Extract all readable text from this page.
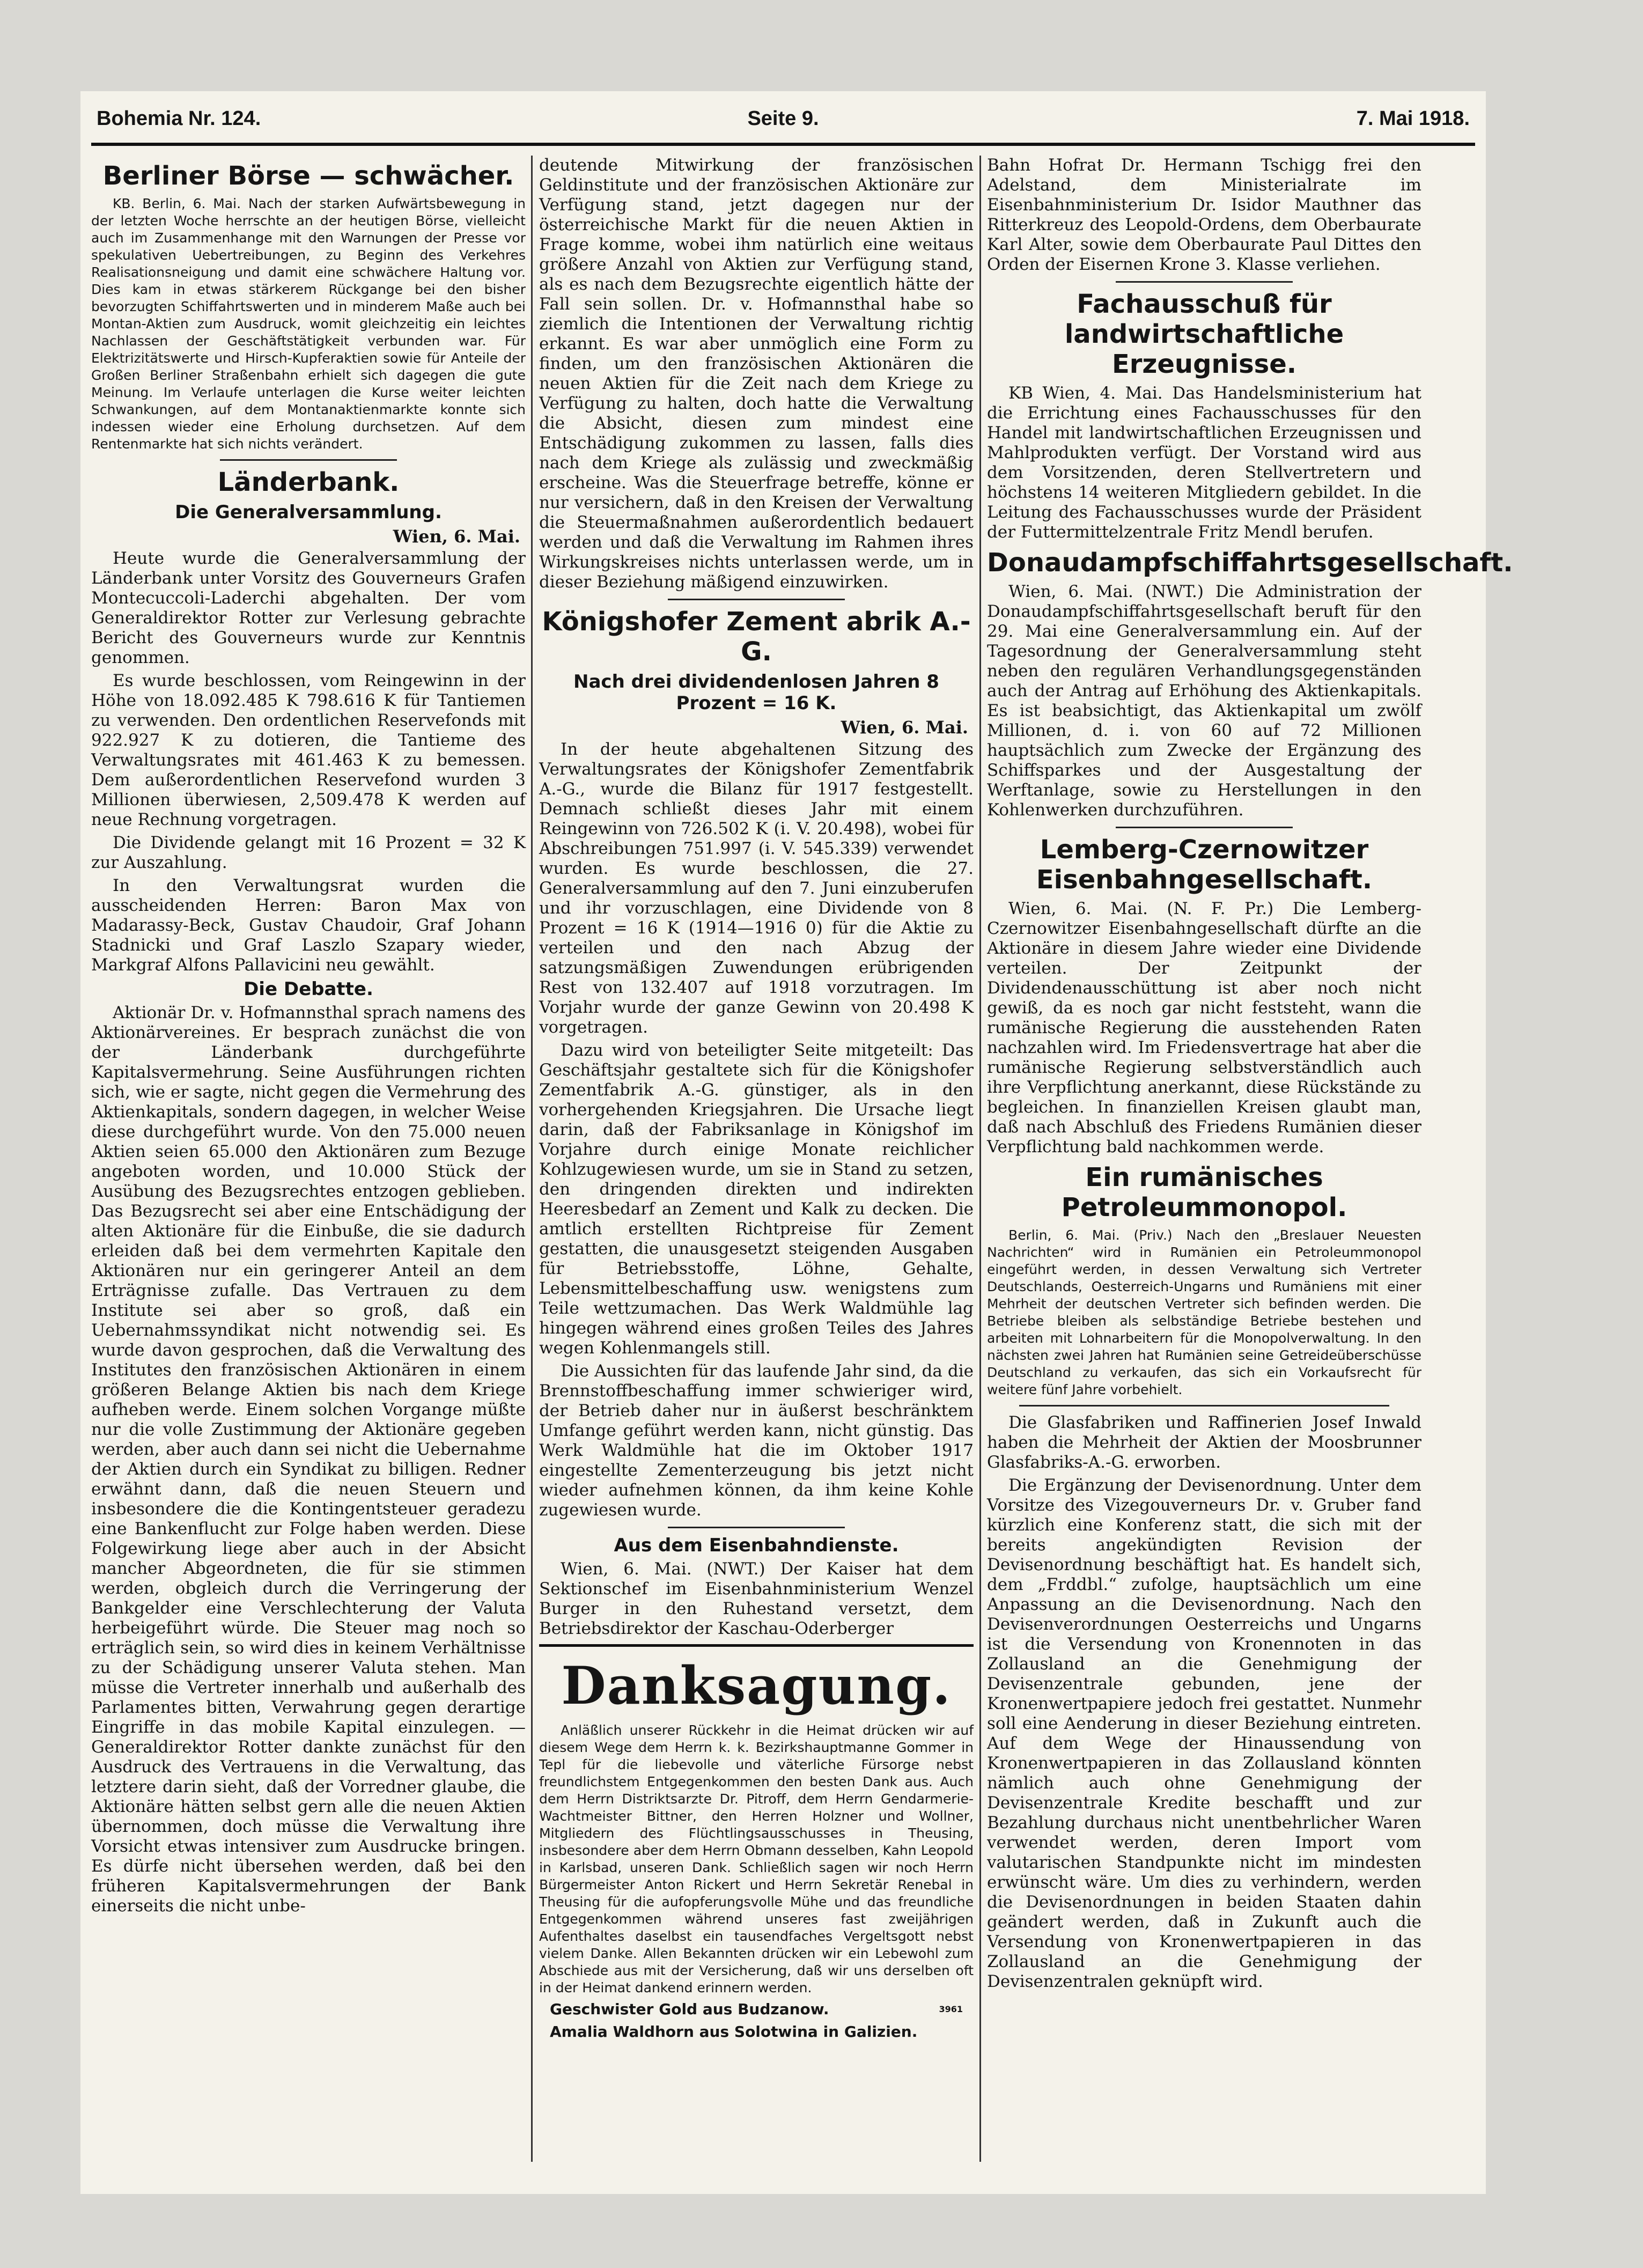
Bohemia Nr. 124.	Seite 9.	7. Mai 1918.
Berliner Börse — schwächer.

KB. Berlin, 6. Mai. Nach der starken Aufwärtsbewegung in der letzten Woche herrschte an der heutigen Börse, vielleicht auch im Zusammenhange mit den Warnungen der Presse vor spekulativen Uebertreibungen, zu Beginn des Verkehres Realisationsneigung und damit eine schwächere Haltung vor. Dies kam in etwas stärkerem Rückgange bei den bisher bevorzugten Schiffahrtswerten und in minderem Maße auch bei Montan-Aktien zum Ausdruck, womit gleichzeitig ein leichtes Nachlassen der Geschäftstätigkeit verbunden war. Für Elektrizitätswerte und Hirsch-Kupferaktien sowie für Anteile der Großen Berliner Straßenbahn erhielt sich dagegen die gute Meinung. Im Verlaufe unterlagen die Kurse weiter leichten Schwankungen, auf dem Montanaktienmarkte konnte sich indessen wieder eine Erholung durchsetzen. Auf dem Rentenmarkte hat sich nichts verändert.

Länderbank.
Die Generalversammlung.
Wien, 6. Mai.

Heute wurde die Generalversammlung der Länderbank unter Vorsitz des Gouverneurs Grafen Montecuccoli-Laderchi abgehalten. Der vom Generaldirektor Rotter zur Verlesung gebrachte Bericht des Gouverneurs wurde zur Kenntnis genommen.

Es wurde beschlossen, vom Reingewinn in der Höhe von 18.092.485 K 798.616 K für Tantiemen zu verwenden. Den ordentlichen Reservefonds mit 922.927 K zu dotieren, die Tantieme des Verwaltungsrates mit 461.463 K zu bemessen. Dem außerordentlichen Reservefond wurden 3 Millionen überwiesen, 2,509.478 K werden auf neue Rechnung vorgetragen.

Die Dividende gelangt mit 16 Prozent = 32 K zur Auszahlung.

In den Verwaltungsrat wurden die ausscheidenden Herren: Baron Max von Madarassy-Beck, Gustav Chaudoir, Graf Johann Stadnicki und Graf Laszlo Szapary wieder, Markgraf Alfons Pallavicini neu gewählt.

Die Debatte.

Aktionär Dr. v. Hofmannsthal sprach namens des Aktionärvereines. Er besprach zunächst die von der Länderbank durchgeführte Kapitalsvermehrung. Seine Ausführungen richten sich, wie er sagte, nicht gegen die Vermehrung des Aktienkapitals, sondern dagegen, in welcher Weise diese durchgeführt wurde. Von den 75.000 neuen Aktien seien 65.000 den Aktionären zum Bezuge angeboten worden, und 10.000 Stück der Ausübung des Bezugsrechtes entzogen geblieben. Das Bezugsrecht sei aber eine Entschädigung der alten Aktionäre für die Einbuße, die sie dadurch erleiden daß bei dem vermehrten Kapitale den Aktionären nur ein geringerer Anteil an dem Erträgnisse zufalle. Das Vertrauen zu dem Institute sei aber so groß, daß ein Uebernahmssyndikat nicht notwendig sei. Es wurde davon gesprochen, daß die Verwaltung des Institutes den französischen Aktionären in einem größeren Belange Aktien bis nach dem Kriege aufheben werde. Einem solchen Vorgange müßte nur die volle Zustimmung der Aktionäre gegeben werden, aber auch dann sei nicht die Uebernahme der Aktien durch ein Syndikat zu billigen. Redner erwähnt dann, daß die neuen Steuern und insbesondere die die Kontingentsteuer geradezu eine Bankenflucht zur Folge haben werden. Diese Folgewirkung liege aber auch in der Absicht mancher Abgeordneten, die für sie stimmen werden, obgleich durch die Verringerung der Bankgelder eine Verschlechterung der Valuta herbeigeführt würde. Die Steuer mag noch so erträglich sein, so wird dies in keinem Verhältnisse zu der Schädigung unserer Valuta stehen. Man müsse die Vertreter innerhalb und außerhalb des Parlamentes bitten, Verwahrung gegen derartige Eingriffe in das mobile Kapital einzulegen. — Generaldirektor Rotter dankte zunächst für den Ausdruck des Vertrauens in die Verwaltung, das letztere darin sieht, daß der Vorredner glaube, die Aktionäre hätten selbst gern alle die neuen Aktien übernommen, doch müsse die Verwaltung ihre Vorsicht etwas intensiver zum Ausdrucke bringen. Es dürfe nicht übersehen werden, daß bei den früheren Kapitalsvermehrungen der Bank einerseits die nicht unbe-

deutende Mitwirkung der französischen Geldinstitute und der französischen Aktionäre zur Verfügung stand, jetzt dagegen nur der österreichische Markt für die neuen Aktien in Frage komme, wobei ihm natürlich eine weitaus größere Anzahl von Aktien zur Verfügung stand, als es nach dem Bezugsrechte eigentlich hätte der Fall sein sollen. Dr. v. Hofmannsthal habe so ziemlich die Intentionen der Verwaltung richtig erkannt. Es war aber unmöglich eine Form zu finden, um den französischen Aktionären die neuen Aktien für die Zeit nach dem Kriege zu Verfügung zu halten, doch hatte die Verwaltung die Absicht, diesen zum mindest eine Entschädigung zukommen zu lassen, falls dies nach dem Kriege als zulässig und zweckmäßig erscheine. Was die Steuerfrage betreffe, könne er nur versichern, daß in den Kreisen der Verwaltung die Steuermaßnahmen außerordentlich bedauert werden und daß die Verwaltung im Rahmen ihres Wirkungskreises nichts unterlassen werde, um in dieser Beziehung mäßigend einzuwirken.

Königshofer Zement abrik A.-G.
Nach drei dividendenlosen Jahren 8 Prozent = 16 K.
Wien, 6. Mai.

In der heute abgehaltenen Sitzung des Verwaltungsrates der Königshofer Zementfabrik A.-G., wurde die Bilanz für 1917 festgestellt. Demnach schließt dieses Jahr mit einem Reingewinn von 726.502 K (i. V. 20.498), wobei für Abschreibungen 751.997 (i. V. 545.339) verwendet wurden. Es wurde beschlossen, die 27. Generalversammlung auf den 7. Juni einzuberufen und ihr vorzuschlagen, eine Dividende von 8 Prozent = 16 K (1914—1916 0) für die Aktie zu verteilen und den nach Abzug der satzungsmäßigen Zuwendungen erübrigenden Rest von 132.407 auf 1918 vorzutragen. Im Vorjahr wurde der ganze Gewinn von 20.498 K vorgetragen.

Dazu wird von beteiligter Seite mitgeteilt: Das Geschäftsjahr gestaltete sich für die Königshofer Zementfabrik A.-G. günstiger, als in den vorhergehenden Kriegsjahren. Die Ursache liegt darin, daß der Fabriksanlage in Königshof im Vorjahre durch einige Monate reichlicher Kohlzugewiesen wurde, um sie in Stand zu setzen, den dringenden direkten und indirekten Heeresbedarf an Zement und Kalk zu decken. Die amtlich erstellten Richtpreise für Zement gestatten, die unausgesetzt steigenden Ausgaben für Betriebsstoffe, Löhne, Gehalte, Lebensmittelbeschaffung usw. wenigstens zum Teile wettzumachen. Das Werk Waldmühle lag hingegen während eines großen Teiles des Jahres wegen Kohlenmangels still.

Die Aussichten für das laufende Jahr sind, da die Brennstoffbeschaffung immer schwieriger wird, der Betrieb daher nur in äußerst beschränktem Umfange geführt werden kann, nicht günstig. Das Werk Waldmühle hat die im Oktober 1917 eingestellte Zementerzeugung bis jetzt nicht wieder aufnehmen können, da ihm keine Kohle zugewiesen wurde.

Aus dem Eisenbahndienste.

Wien, 6. Mai. (NWT.) Der Kaiser hat dem Sektionschef im Eisenbahnministerium Wenzel Burger in den Ruhestand versetzt, dem Betriebsdirektor der Kaschau-Oderberger

Danksagung.

Anläßlich unserer Rückkehr in die Heimat drücken wir auf diesem Wege dem Herrn k. k. Bezirkshauptmanne Gommer in Tepl für die liebevolle und väterliche Fürsorge nebst freundlichstem Entgegenkommen den besten Dank aus. Auch dem Herrn Distriktsarzte Dr. Pitroff, dem Herrn Gendarmerie-Wachtmeister Bittner, den Herren Holzner und Wollner, Mitgliedern des Flüchtlingsausschusses in Theusing, insbesondere aber dem Herrn Obmann desselben, Kahn Leopold in Karlsbad, unseren Dank. Schließlich sagen wir noch Herrn Bürgermeister Anton Rickert und Herrn Sekretär Renebal in Theusing für die aufopferungsvolle Mühe und das freundliche Entgegenkommen während unseres fast zweijährigen Aufenthaltes daselbst ein tausendfaches Vergeltsgott nebst vielem Danke. Allen Bekannten drücken wir ein Lebewohl zum Abschiede aus mit der Versicherung, daß wir uns derselben oft in der Heimat dankend erinnern werden.

Geschwister Gold aus Budzanow.	3961
Amalia Waldhorn aus Solotwina in Galizien.

Bahn Hofrat Dr. Hermann Tschigg frei den Adelstand, dem Ministerialrate im Eisenbahnministerium Dr. Isidor Mauthner das Ritterkreuz des Leopold-Ordens, dem Oberbaurate Karl Alter, sowie dem Oberbaurate Paul Dittes den Orden der Eisernen Krone 3. Klasse verliehen.

Fachausschuß für landwirtschaftliche Erzeugnisse.

KB Wien, 4. Mai. Das Handelsministerium hat die Errichtung eines Fachausschusses für den Handel mit landwirtschaftlichen Erzeugnissen und Mahlprodukten verfügt. Der Vorstand wird aus dem Vorsitzenden, deren Stellvertretern und höchstens 14 weiteren Mitgliedern gebildet. In die Leitung des Fachausschusses wurde der Präsident der Futtermittelzentrale Fritz Mendl berufen.

Donaudampfschiffahrtsgesellschaft.

Wien, 6. Mai. (NWT.) Die Administration der Donaudampfschiffahrtsgesellschaft beruft für den 29. Mai eine Generalversammlung ein. Auf der Tagesordnung der Generalversammlung steht neben den regulären Verhandlungsgegenständen auch der Antrag auf Erhöhung des Aktienkapitals. Es ist beabsichtigt, das Aktienkapital um zwölf Millionen, d. i. von 60 auf 72 Millionen hauptsächlich zum Zwecke der Ergänzung des Schiffsparkes und der Ausgestaltung der Werftanlage, sowie zu Herstellungen in den Kohlenwerken durchzuführen.

Lemberg-Czernowitzer Eisenbahngesellschaft.

Wien, 6. Mai. (N. F. Pr.) Die Lemberg-Czernowitzer Eisenbahngesellschaft dürfte an die Aktionäre in diesem Jahre wieder eine Dividende verteilen. Der Zeitpunkt der Dividendenausschüttung ist aber noch nicht gewiß, da es noch gar nicht feststeht, wann die rumänische Regierung die ausstehenden Raten nachzahlen wird. Im Friedensvertrage hat aber die rumänische Regierung selbstverständlich auch ihre Verpflichtung anerkannt, diese Rückstände zu begleichen. In finanziellen Kreisen glaubt man, daß nach Abschluß des Friedens Rumänien dieser Verpflichtung bald nachkommen werde.

Ein rumänisches Petroleummonopol.

Berlin, 6. Mai. (Priv.) Nach den „Breslauer Neuesten Nachrichten“ wird in Rumänien ein Petroleummonopol eingeführt werden, in dessen Verwaltung sich Vertreter Deutschlands, Oesterreich-Ungarns und Rumäniens mit einer Mehrheit der deutschen Vertreter sich befinden werden. Die Betriebe bleiben als selbständige Betriebe bestehen und arbeiten mit Lohnarbeitern für die Monopolverwaltung. In den nächsten zwei Jahren hat Rumänien seine Getreideüberschüsse Deutschland zu verkaufen, das sich ein Vorkaufsrecht für weitere fünf Jahre vorbehielt.

Die Glasfabriken und Raffinerien Josef Inwald haben die Mehrheit der Aktien der Moosbrunner Glasfabriks-A.-G. erworben.

Die Ergänzung der Devisenordnung. Unter dem Vorsitze des Vizegouverneurs Dr. v. Gruber fand kürzlich eine Konferenz statt, die sich mit der bereits angekündigten Revision der Devisenordnung beschäftigt hat. Es handelt sich, dem „Frddbl.“ zufolge, hauptsächlich um eine Anpassung an die Devisenordnung. Nach den Devisenverordnungen Oesterreichs und Ungarns ist die Versendung von Kronennoten in das Zollausland an die Genehmigung der Devisenzentrale gebunden, jene der Kronenwertpapiere jedoch frei gestattet. Nunmehr soll eine Aenderung in dieser Beziehung eintreten. Auf dem Wege der Hinaussendung von Kronenwertpapieren in das Zollausland könnten nämlich auch ohne Genehmigung der Devisenzentrale Kredite beschafft und zur Bezahlung durchaus nicht unentbehrlicher Waren verwendet werden, deren Import vom valutarischen Standpunkte nicht im mindesten erwünscht wäre. Um dies zu verhindern, werden die Devisenordnungen in beiden Staaten dahin geändert werden, daß in Zukunft auch die Versendung von Kronenwertpapieren in das Zollausland an die Genehmigung der Devisenzentralen geknüpft wird.
